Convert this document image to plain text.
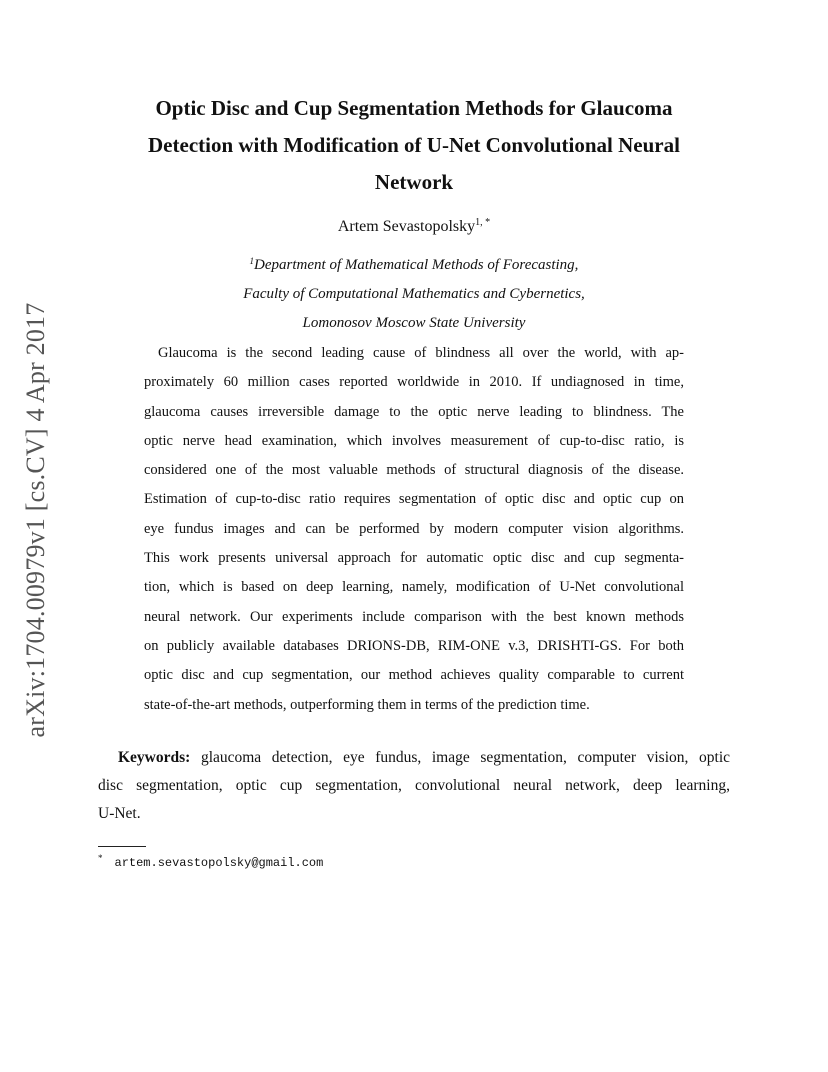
arXiv:1704.00979v1 [cs.CV] 4 Apr 2017
Optic Disc and Cup Segmentation Methods for Glaucoma
Detection with Modification of U-Net Convolutional Neural
Network
Artem Sevastopolsky$^{1, *}$
$^1$Department of Mathematical Methods of Forecasting,
Faculty of Computational Mathematics and Cybernetics,
Lomonosov Moscow State University
Glaucoma is the second leading cause of blindness all over the world, with ap-
proximately 60 million cases reported worldwide in 2010. If undiagnosed in time,
glaucoma causes irreversible damage to the optic nerve leading to blindness. The
optic nerve head examination, which involves measurement of cup-to-disc ratio, is
considered one of the most valuable methods of structural diagnosis of the disease.
Estimation of cup-to-disc ratio requires segmentation of optic disc and optic cup on
eye fundus images and can be performed by modern computer vision algorithms.
This work presents universal approach for automatic optic disc and cup segmenta-
tion, which is based on deep learning, namely, modification of U-Net convolutional
neural network. Our experiments include comparison with the best known methods
on publicly available databases DRIONS-DB, RIM-ONE v.3, DRISHTI-GS. For both
optic disc and cup segmentation, our method achieves quality comparable to current
state-of-the-art methods, outperforming them in terms of the prediction time.
Keywords: glaucoma detection, eye fundus, image segmentation, computer vision, optic
disc segmentation, optic cup segmentation, convolutional neural network, deep learning,
U-Net.
* artem.sevastopolsky@gmail.com
